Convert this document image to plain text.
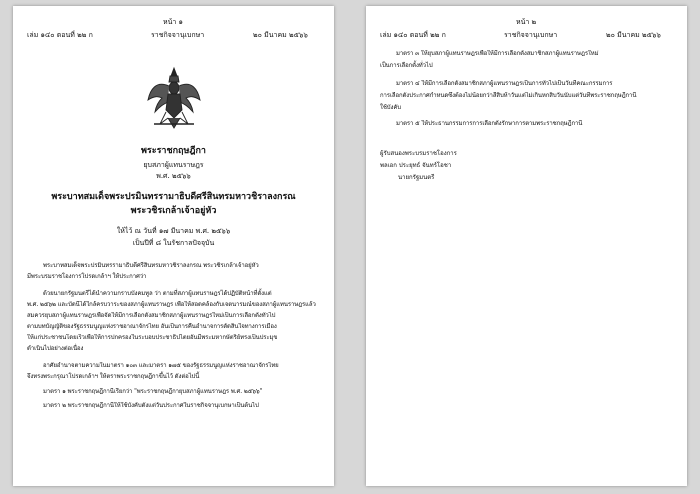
หน้า ๑
เล่ม ๑๔๐ ตอนที่ ๒๒ ก	ราชกิจจานุเบกษา	๒๐ มีนาคม ๒๕๖๖
พระราชกฤษฎีกา
ยุบสภาผู้แทนราษฎร
พ.ศ. ๒๕๖๖
พระบาทสมเด็จพระปรมินทรรามาธิบดีศรีสินทรมหาวชิราลงกรณ
พระวชิรเกล้าเจ้าอยู่หัว
ให้ไว้ ณ วันที่ ๑๗ มีนาคม พ.ศ. ๒๕๖๖
เป็นปีที่ ๘ ในรัชกาลปัจจุบัน
พระบาทสมเด็จพระปรมินทรรามาธิบดีศรีสินทรมหาวชิราลงกรณ พระวชิรเกล้าเจ้าอยู่หัว
มีพระบรมราชโองการโปรดเกล้าฯ ให้ประกาศว่า
ด้วยนายกรัฐมนตรีได้นำความกราบบังคมทูล ว่า ตามที่สภาผู้แทนราษฎรได้ปฏิบัติหน้าที่ตั้งแต่
พ.ศ. ๒๕๖๒ และบัดนี้ได้ใกล้ครบวาระของสภาผู้แทนราษฎร เพื่อให้สอดคล้องกับเจตนารมณ์ของสภาผู้แทนราษฎรแล้ว
สมควรยุบสภาผู้แทนราษฎรเพื่อจัดให้มีการเลือกตั้งสมาชิกสภาผู้แทนราษฎรใหม่เป็นการเลือกตั้งทั่วไป
ตามบทบัญญัติของรัฐธรรมนูญแห่งราชอาณาจักรไทย อันเป็นการคืนอำนาจการตัดสินใจทางการเมือง
ให้แก่ประชาชนโดยเร็วเพื่อให้การปกครองในระบอบประชาธิปไตยอันมีพระมหากษัตริย์ทรงเป็นประมุข
ดำเนินไปอย่างต่อเนื่อง
อาศัยอำนาจตามความในมาตรา ๑๐๓ และมาตรา ๑๗๕ ของรัฐธรรมนูญแห่งราชอาณาจักรไทย
จึงทรงพระกรุณาโปรดเกล้าฯ ให้ตราพระราชกฤษฎีกาขึ้นไว้ ดังต่อไปนี้
มาตรา ๑ พระราชกฤษฎีกานี้เรียกว่า "พระราชกฤษฎีกายุบสภาผู้แทนราษฎร พ.ศ. ๒๕๖๖"
มาตรา ๒ พระราชกฤษฎีกานี้ให้ใช้บังคับตั้งแต่วันประกาศในราชกิจจานุเบกษาเป็นต้นไป
หน้า ๒
เล่ม ๑๔๐ ตอนที่ ๒๒ ก	ราชกิจจานุเบกษา	๒๐ มีนาคม ๒๕๖๖
มาตรา ๓ ให้ยุบสภาผู้แทนราษฎรเพื่อให้มีการเลือกตั้งสมาชิกสภาผู้แทนราษฎรใหม่
เป็นการเลือกตั้งทั่วไป
มาตรา ๔ ให้มีการเลือกตั้งสมาชิกสภาผู้แทนราษฎรเป็นการทั่วไปเป็นวันที่คณะกรรมการ
การเลือกตั้งประกาศกำหนดซึ่งต้องไม่น้อยกว่าสี่สิบห้าวันแต่ไม่เกินหกสิบวันนับแต่วันที่พระราชกฤษฎีกานี้
ใช้บังคับ
มาตรา ๕ ให้ประธานกรรมการการเลือกตั้งรักษาการตามพระราชกฤษฎีกานี้
ผู้รับสนองพระบรมราชโองการ
พลเอก ประยุทธ์ จันทร์โอชา
นายกรัฐมนตรี
